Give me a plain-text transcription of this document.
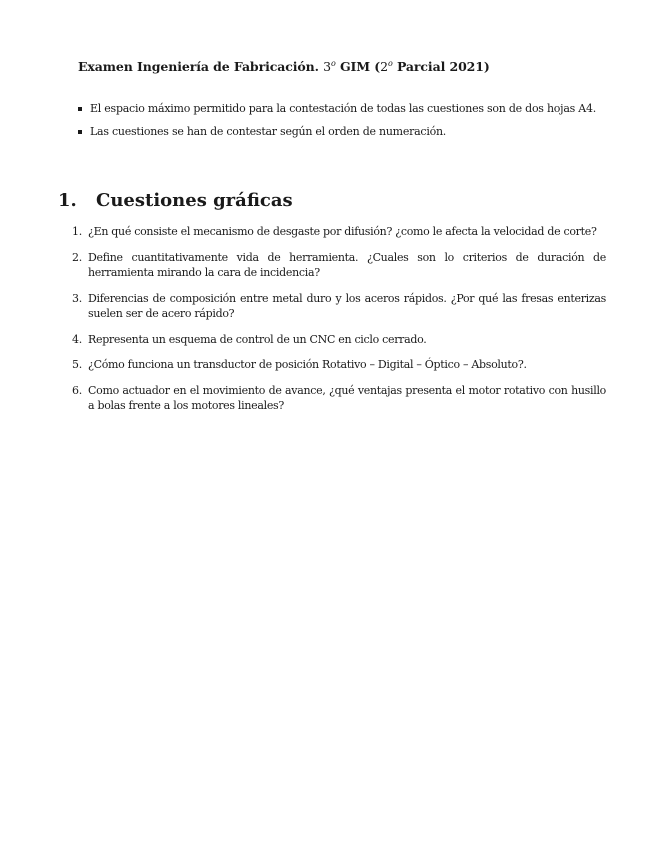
Examen Ingeniería de Fabricación. 3$^o$ GIM (2$^o$ Parcial 2021)
El espacio máximo permitido para la contestación de todas las cuestiones son de dos hojas A4.
Las cuestiones se han de contestar según el orden de numeración.
1. Cuestiones gráficas
1. ¿En qué consiste el mecanismo de desgaste por difusión? ¿como le afecta la velocidad de corte?
2. Define cuantitativamente vida de herramienta. ¿Cuales son lo criterios de duración de herramienta mirando la cara de incidencia?
3. Diferencias de composición entre metal duro y los aceros rápidos. ¿Por qué las fresas enterizas suelen ser de acero rápido?
4. Representa un esquema de control de un CNC en ciclo cerrado.
5. ¿Cómo funciona un transductor de posición Rotativo – Digital – Óptico – Absoluto?.
6. Como actuador en el movimiento de avance, ¿qué ventajas presenta el motor rotativo con husillo a bolas frente a los motores lineales?
